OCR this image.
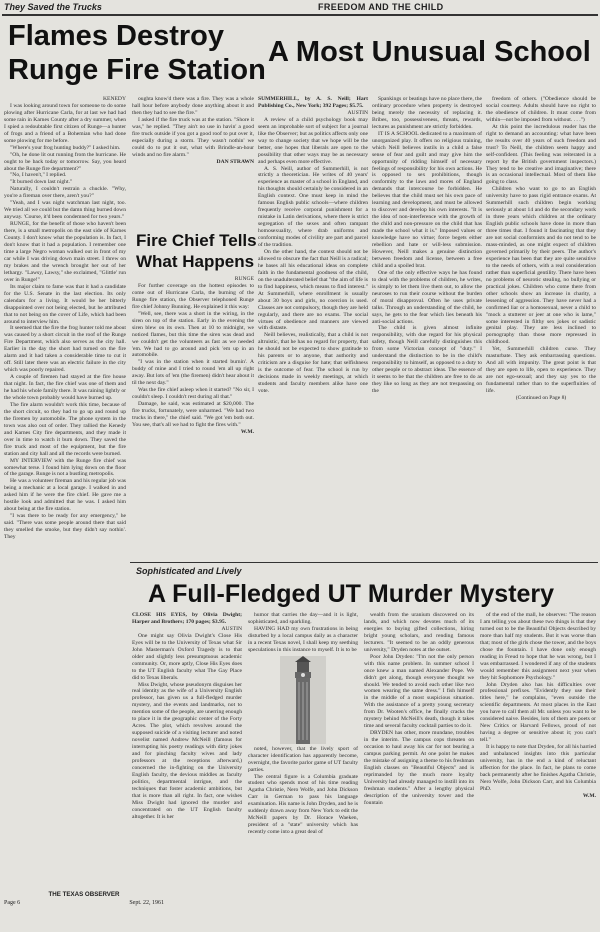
They Saved the Trucks	FREEDOM AND THE CHILD
Flames Destroy
Runge Fire Station
A Most Unusual School

KENEDY

I was looking around town for someone to do some plowing after Hurricane Carla, for at last we had had some rain in Karnes County after a dry summer, when I spied a redoubtable first citizen of Runge—a hunter of frogs and a friend of a Bohemian who had done some plowing for me before.

"Where's your frog hunting buddy?" I asked him.

"Oh, he done lit out running from the hurricane. He ought to be back today or tomorrow. Say, you heard about the Runge fire department?"

"No, I haven't," I replied.

"It burned down last night."

Naturally, I couldn't restrain a chuckle. "Why, you're a fireman over there, aren't you?"

"Yeah, and I was night watchman last night, too. We tried all we could but the damn thing burned down anyway. 'Course, it'd been condemned for two years."

RUNGE, for the benefit of those who haven't been there, is a small metropolis on the east side of Karnes County. I don't know what the population is. In fact, I don't know that it had a population. I remember one time a large Negro woman walked out in front of my car while I was driving down main street. I threw on my brakes and the wrench brought her out of her lethargy. "Lawsy, Lawsy," she exclaimed, "Glittle' run over in Runge!"

Its major claim to fame was that it had a candidate for the U.S. Senate in the last election. Its only calendars for a living. It would be her bitterly disappointed over not being elected, but he attributed that to not being on the cover of Life, which had been around to interview him.

It seemed that the fire the frog hunter told me about was caused by a short circuit in the roof of the Runge Fire Department, which also serves as the city hall. Earlier in the day the short had turned on the fire alarm and it had taken a considerable time to cut it off. Still later there was an electric failure in the city which was poorly repaired.

A couple of firemen had stayed at the fire house that night. In fact, the fire chief was one of them and he had his whole family there. It was raining lightly or the whole town probably would have burned up.

The fire alarm wouldn't work this time, because of the short circuit, so they had to go up and round up the firemen by automobile. The phone system in the town was also out of order. They rallied the Kenedy and Karnes City fire departments, and they made it over in time to watch it burn down. They saved the fire truck and most of the equipment, but the fire station and city hall and all the records were burned.

MY INTERVIEW with the Runge fire chief was somewhat terse. I found him lying down on the floor of the garage. Runge is not a bustling metropolis.

He was a volunteer fireman and his regular job was being a mechanic at a local garage. I walked in and asked him if he were the fire chief. He gave me a hostile look and admitted that he was. I asked him about being at the fire station.

"I was there to be ready for any emergency," he said. "There was some people around there that said they smelled the smoke, but they didn't say nothin'. They

THE TEXAS OBSERVER
Page 6	Sept. 22, 1961

oughta know'd there was a fire. They was a whole hall hour before anybody done anything about it and then they had to see the fire."

I asked if the fire truck was at the station. "Shore it was," he replied. "They ain't no use in havin' a good fire truck outside if you got a good roof to put over it, especially during a storm. They wasn't nothin' we could do to put it out, what with Brindle-an-hour winds and no fire alarm."

DAN STRAWN

Fire Chief Tells
What Happens

RUNGE

For further coverage on the hottest episodes to come out of Hurricane Carla, the burning of the Runge fire station, the Observer telephoned Runge fire chief Johnny Bunning. He explained it this way:

"Well, see, there was a short in the wiring, in the siren on top of the station. Early in the evening the siren blew on its own. Then at 10 to midnight, we noticed flames, but this time the siren was dead and we couldn't get the volunteers as fast as we needed 'em. We had to go around and pick 'em up in an automobile.

"I was in the station when it started burnin'. A buddy of mine and I tried to round 'em all up right away. But lots of 'em (the firemen) didn't hear about it til the next day."

Was the fire chief asleep when it started? "No sir, I couldn't sleep. I couldn't rest during all that."

Damage, he said, was estimated at $20,000. The fire trucks, fortunately, were unharmed. "We had two trucks in there," the chief said. "We got 'em both out. You see, that's all we had to fight the fires with."

W.M.

SUMMERHILL, by A. S. Neill; Hart Publishing Co., New York; 392 Pages; $5.75.

AUSTIN

A review of a child psychology book may seem an improbable sort of subject for a journal like the Observer; but as politics affects only one way to change society that we hope will be the better, one hopes that liberals are open to the possibility that other ways may be as necessary and perhaps even more effective.

A. S. Neill, author of Summerhill, is not strictly a theoretician. He writes of 40 years' experience as master of a school in England, and his thoughts should certainly be considered in an English context. One must keep in mind the famous English public schools—where children frequently receive corporal punishment for a mistake in Latin derivations, where there is strict segregation of the sexes and often rampant homosexuality, where drab uniforms and conforming modes of civility are part and parcel of the tradition.

On the other hand, the context should not be allowed to obscure the fact that Neill is a radical; he bases all his educational ideas on complete faith in the fundamental goodness of the child, on the unadulterated belief that "the aim of life is to find happiness, which means to find interest." At Summerhill, where enrollment is usually about 30 boys and girls, no coercion is used. Classes are not compulsory, though they are held regularly, and there are no exams. The social virtues of obedience and manners are viewed with distaste.

Neill believes, realistically, that a child is not altruistic, that he has no regard for property, that he should not be expected to show gratitude to his parents or to anyone, that authority and criticism are a disguise for hate; that selfishness is the outcome of fear. The school is run by decisions made in weekly meetings, at which students and faculty members alike have one vote.

Spankings or beatings have no place there, the ordinary procedure when property is destroyed being merely the necessity of replacing it. Bribes, too, possessiveness, threats, rewards, lectures as punishment are strictly forbidden.

IT IS A SCHOOL dedicated to a maximum of unorganized play. It offers no religious training, which Neill believes instils in a child a false sense of fear and guilt and may give him the opportunity of ridding himself of necessary feelings of responsibility for his own actions. He is opposed to sex prohibitions, though conformity to the laws and mores of England demands that intercourse be forbidden. He believes that the child must set his own pace of learning and development, and must be allowed to discover and develop his own interests. "It is the idea of non-interference with the growth of the child and non-pressure on the child that has made the school what it is." Imposed values or knowledge have no virtue; force begets either rebellion and hate or will-less submission. However, Neill makes a genuine distinction between freedom and license, between a free child and a spoiled brat.

One of the only effective ways he has found to deal with the problems of children, he writes, is simply to let them live them out, to allow the neuroses to run their course without the burden of moral disapproval. Often he uses private talks. Through an understanding of the child, he says, he gets to the fear which lies beneath his anti-social actions.

The child is given almost infinite responsibility, with due regard for his physical safety, though Neill carefully distinguishes this from some Victorian concept of "duty." I understand the distinction to be in the child's responsibility to himself, as opposed to a duty to other people or to abstract ideas. The essence of it seems to be that the children are free to do as they like so long as they are not trespassing on the

freedom of others. ("Obedience should be social courtesy. Adults should have no right to the obedience of children. It must come from within—not be imposed from without. . . .")

At this point the incredulous reader has the right to demand an accounting: what have been the results over 40 years of such freedom and trust? To Neill, the children seem happy and self-confident. (This feeling was reiterated in a report by the British government inspectors.) They tend to be creative and imaginative; there is an occasional intellectual. Most of them like going to class.

Children who want to go to an English university have to pass rigid entrance exams. At Summerhill such children begin working seriously at about 14 and do the secondary work in three years which children at the ordinary English public schools have done in more than three times that. I found it fascinating that they are not social conformists and do not tend to be mass-minded, as one might expect of children governed primarily by their peers. The author's experience has been that they are quite sensitive to the needs of others, with a real consideration rather than superficial gentility. There have been no problems of neurotic stealing, no bullying or practical jokes. Children who come there from other schools show an increase in charity, a lessening of aggression. They have never had a confirmed liar or a homosexual, never a child to "mock a stutterer or jeer at one who is lame," some interested in filthy sex jokes or sadistic genital play. They are less inclined to pornography than those more repressed in childhood.

Yet, Summerhill children curse. They masturbate. They ask embarrassing questions. And all with impunity. The great point is that they are open to life, open to experience. They are not ego-sexual; and they say yes to the fundamental rather than to the superfluities of life.

(Continued on Page 8)

Sophisticated and Lively
A Full-Fledged UT Murder Mystery

CLOSE HIS EYES, by Olivia Dwight; Harper and Brothers; 170 pages; $3.95.

AUSTIN

One might say Olivia Dwight's Close His Eyes will be to the University of Texas what Sir John Masterman's Oxford Tragedy is to that older and slightly less presumptuous academic community. Or, more aptly, Close His Eyes does to the UT English faculty what The Gay Place did to Texas liberals.

Miss Dwight, whose pseudonym disguises her real identity as the wife of a University English professor, has given us a full-fledged murder mystery, and the events and landmarks, not to mention some of the people, are unerring enough to place it in the geographic center of the Forty Acres. The plot, which revolves around the supposed suicide of a visiting lecturer and noted novelist named Andrew McNeill (famous for interrupting his poetry readings with dirty jokes and for pinching faculty wives and lady professors at the receptions afterward,) concerned the in-fighting on the University English faculty, the devious middles as faculty politics, departmental intrigue, and the techniques that foster academic ambitions, but that is more than all right. In fact, one wishes Miss Dwight had ignored the murder and concentrated on the UT English faculty altogether. It is her

humor that carries the day—and it is light, sophisticated, and sparkling.

HAVING HAD my own frustrations in being disturbed by a local campus daily as a character in a recent Texas novel, I shall keep my seething speculations in this instance to myself. It is to be

noted, however, that the lively sport of character identification has apparently become, overnight, the favorite parlor game of UT faculty parties.

The central figure is a Columbia graduate student who spends most of his time reading Agatha Christie, Nero Wolfe, and John Dickson Carr in German to pass his language examination. His name is John Dryden, and he is suddenly drawn away from New York to edit the McNeill papers by Dr. Horace Waeken, president of a "state" university which has recently come into a great deal of

wealth from the uranium discovered on its lands, and which now devotes much of its energies to buying gifted collections, hiring bright young scholars, and rending famous lecturers. "It seemed to be an oddly generous university," Dryden notes at the outset.

Poor John Dryden: "I'm not the only person with this name problem. In summer school I once knew a man named Alexander Pope. We didn't get along, though everyone thought we should. We tended to avoid each other like two women wearing the same dress." I fish himself in the middle of a most suspicious situation. With the assistance of a pretty young secretary from Dr. Wooten's office, he finally cracks the mystery behind McNeill's death, though it takes time and several faculty cocktail parties to do it.

DRYDEN has other, more mundane, troubles in the interim. The campus cops threaten on occasion to haul away his car for not bearing a campus parking permit. At one point he makes the mistake of assigning a theme to his freshman English classes on "Beautiful Objects" and is reprimanded by the much more loyalty University had already managed to instill into its freshman students." After a lengthy physical description of the university tower and the fountain

of the end of the mall, he observes: "The reason I am telling you about these two things is that they turned out to be the Beautiful Objects described by more than half my students. But it was worse than that; most of the girls chose the tower, and the boys chose the fountain. I have done only enough reading in Freud to hope that he was wrong, but I was embarrassed. I wondered if any of the students would remember this assignment next year when they hit Sophomore Psychology."

John Dryden also has his difficulties over professional prefixes. "Evidently they use their titles here," he complains, "even outside the scientific departments. At most places in the East you have to call them all Mr. unless you want to be considered naive. Besides, lots of them are poets or New Critics or Harvard Fellows, proud of not having a degree or sensitive about it; you can't tell."

It is happy to note that Dryden, for all his harried and unbalanced insights into this particular university, has in the end a kind of reluctant affection for the place. In fact, he plans to come back permanently after he finishes Agatha Christie, Nero Wolfe, John Dickson Carr, and his Columbia PhD.

W.M.
